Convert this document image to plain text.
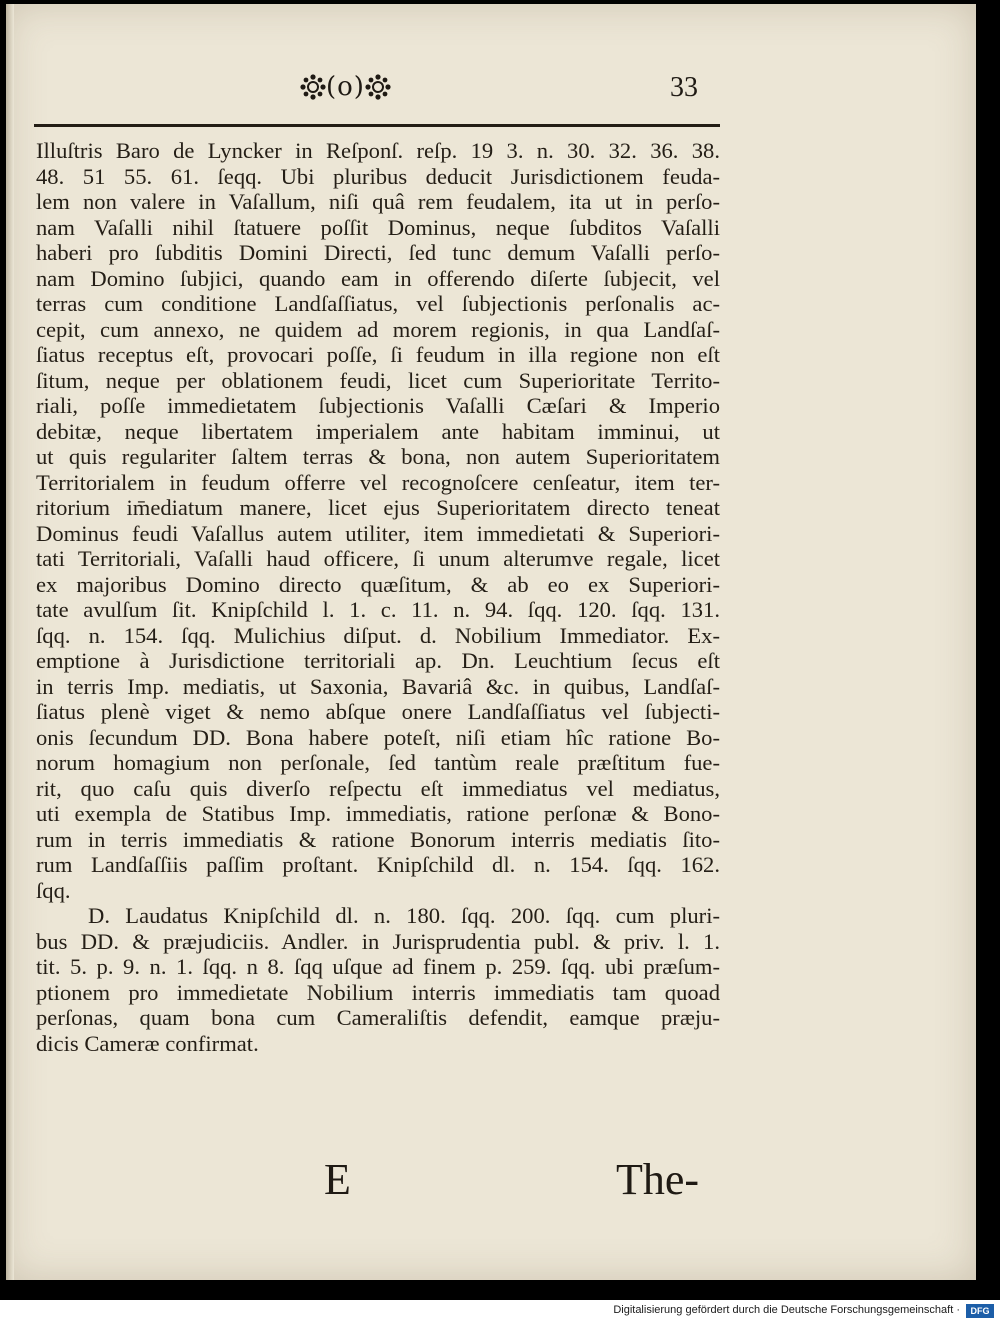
(o)	33
Illuſtris Baro de Lyncker in Reſponſ. reſp. 19 3. n. 30. 32. 36. 38.
48. 51 55. 61. ſeqq. Ubi pluribus deducit Jurisdictionem feuda-
lem non valere in Vaſallum, niſi quâ rem feudalem, ita ut in perſo-
nam Vaſalli nihil ſtatuere poſſit Dominus, neque ſubditos Vaſalli
haberi pro ſubditis Domini Directi, ſed tunc demum Vaſalli perſo-
nam Domino ſubjici, quando eam in offerendo diſerte ſubjecit, vel
terras cum conditione Landſaſſiatus, vel ſubjectionis perſonalis ac-
cepit, cum annexo, ne quidem ad morem regionis, in qua Landſaſ-
ſiatus receptus eſt, provocari poſſe, ſi feudum in illa regione non eſt
ſitum, neque per oblationem feudi, licet cum Superioritate Territo-
riali, poſſe immedietatem ſubjectionis Vaſalli Cæſari & Imperio
debitæ, neque libertatem imperialem ante habitam imminui, ut
ut quis regulariter ſaltem terras & bona, non autem Superioritatem
Territorialem in feudum offerre vel recognoſcere cenſeatur, item ter-
ritorium im̄ediatum manere, licet ejus Superioritatem directo teneat
Dominus feudi Vaſallus autem utiliter, item immedietati & Superiori-
tati Territoriali, Vaſalli haud officere, ſi unum alterumve regale, licet
ex majoribus Domino directo quæſitum, & ab eo ex Superiori-
tate avulſum ſit. Knipſchild l. 1. c. 11. n. 94. ſqq. 120. ſqq. 131.
ſqq. n. 154. ſqq. Mulichius diſput. d. Nobilium Immediator. Ex-
emptione à Jurisdictione territoriali ap. Dn. Leuchtium ſecus eſt
in terris Imp. mediatis, ut Saxonia, Bavariâ &c. in quibus, Landſaſ-
ſiatus plenè viget & nemo abſque onere Landſaſſiatus vel ſubjecti-
onis ſecundum DD. Bona habere poteſt, niſi etiam hîc ratione Bo-
norum homagium non perſonale, ſed tantùm reale præſtitum fue-
rit, quo caſu quis diverſo reſpectu eſt immediatus vel mediatus,
uti exempla de Statibus Imp. immediatis, ratione perſonæ & Bono-
rum in terris immediatis & ratione Bonorum interris mediatis ſito-
rum Landſaſſiis paſſim proſtant. Knipſchild dl. n. 154. ſqq. 162.
ſqq.
D. Laudatus Knipſchild dl. n. 180. ſqq. 200. ſqq. cum pluri-
bus DD. & præjudiciis. Andler. in Jurisprudentia publ. & priv. l. 1.
tit. 5. p. 9. n. 1. ſqq. n 8. ſqq uſque ad finem p. 259. ſqq. ubi præſum-
ptionem pro immedietate Nobilium interris immediatis tam quoad
perſonas, quam bona cum Cameraliſtis defendit, eamque præju-
dicis Cameræ confirmat.
E	The-
Digitalisierung gefördert durch die Deutsche Forschungsgemeinschaft ·	DFG
